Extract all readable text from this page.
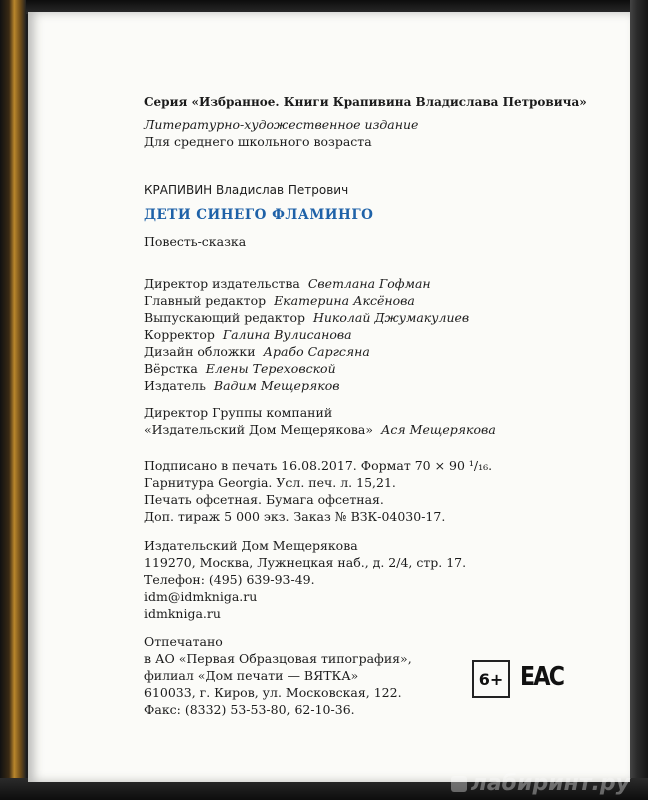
Серия «Избранное. Книги Крапивина Владислава Петровича»
Литературно-художественное издание
Для среднего школьного возраста
КРАПИВИН Владислав Петрович
ДЕТИ СИНЕГО ФЛАМИНГО
Повесть-сказка
Директор издательства Светлана Гофман
Главный редактор Екатерина Аксёнова
Выпускающий редактор Николай Джумакулиев
Корректор Галина Вулисанова
Дизайн обложки Арабо Саргсяна
Вёрстка Елены Тереховской
Издатель Вадим Мещеряков
Директор Группы компаний
«Издательский Дом Мещерякова» Ася Мещерякова
Подписано в печать 16.08.2017. Формат 70 × 90 ¹/₁₆.
Гарнитура Georgia. Усл. печ. л. 15,21.
Печать офсетная. Бумага офсетная.
Доп. тираж 5 000 экз. Заказ № ВЗК-04030-17.
Издательский Дом Мещерякова
119270, Москва, Лужнецкая наб., д. 2/4, стр. 17.
Телефон: (495) 639-93-49.
idm@idmkniga.ru
idmkniga.ru
Отпечатано
в АО «Первая Образцовая типография»,
филиал «Дом печати — ВЯТКА»
610033, г. Киров, ул. Московская, 122.
Факс: (8332) 53-53-80, 62-10-36.
6+ EAC
лабиринт.ру
